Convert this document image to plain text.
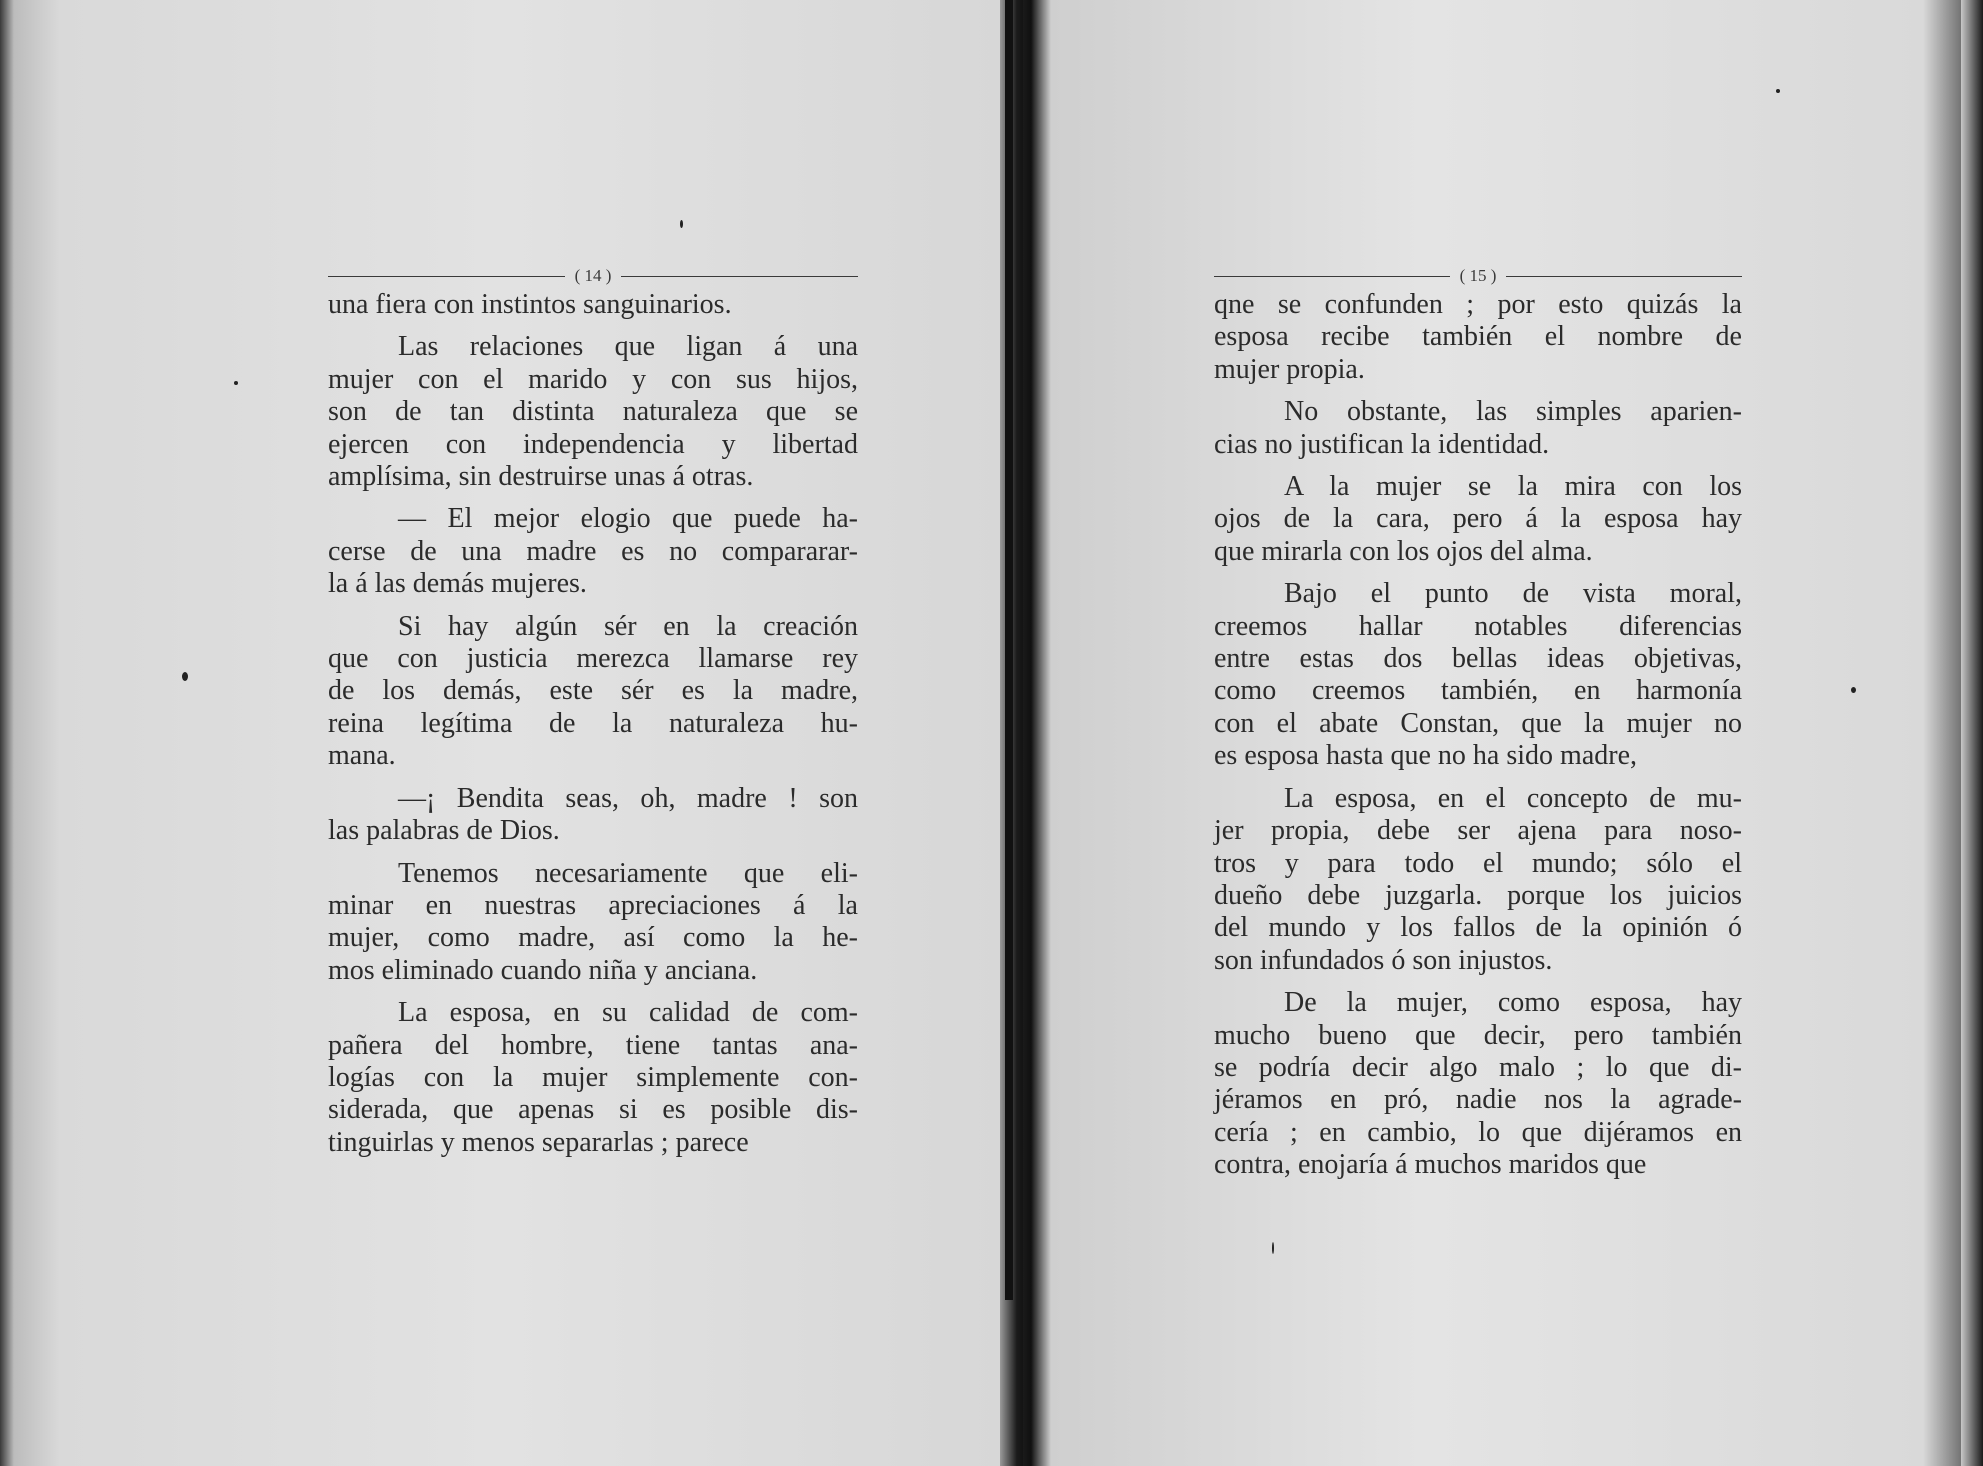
( 14 )
una fiera con instintos sanguinarios.
Las relaciones que ligan á una
mujer con el marido y con sus hijos,
son de tan distinta naturaleza que se
ejercen con independencia y libertad
amplísima, sin destruirse unas á otras.
— El mejor elogio que puede ha-
cerse de una madre es no compararar-
la á las demás mujeres.
Si hay algún sér en la creación
que con justicia merezca llamarse rey
de los demás, este sér es la madre,
reina legítima de la naturaleza hu-
mana.
—¡ Bendita seas, oh, madre ! son
las palabras de Dios.
Tenemos necesariamente que eli-
minar en nuestras apreciaciones á la
mujer, como madre, así como la he-
mos eliminado cuando niña y anciana.
La esposa, en su calidad de com-
pañera del hombre, tiene tantas ana-
logías con la mujer simplemente con-
siderada, que apenas si es posible dis-
tinguirlas y menos separarlas ; parece
( 15 )
qne se confunden ; por esto quizás la
esposa recibe también el nombre de
mujer propia.
No obstante, las simples aparien-
cias no justifican la identidad.
A la mujer se la mira con los
ojos de la cara, pero á la esposa hay
que mirarla con los ojos del alma.
Bajo el punto de vista moral,
creemos hallar notables diferencias
entre estas dos bellas ideas objetivas,
como creemos también, en harmonía
con el abate Constan, que la mujer no
es esposa hasta que no ha sido madre,
La esposa, en el concepto de mu-
jer propia, debe ser ajena para noso-
tros y para todo el mundo; sólo el
dueño debe juzgarla. porque los juicios
del mundo y los fallos de la opinión ó
son infundados ó son injustos.
De la mujer, como esposa, hay
mucho bueno que decir, pero también
se podría decir algo malo ; lo que di-
jéramos en pró, nadie nos la agrade-
cería ; en cambio, lo que dijéramos en
contra, enojaría á muchos maridos que
